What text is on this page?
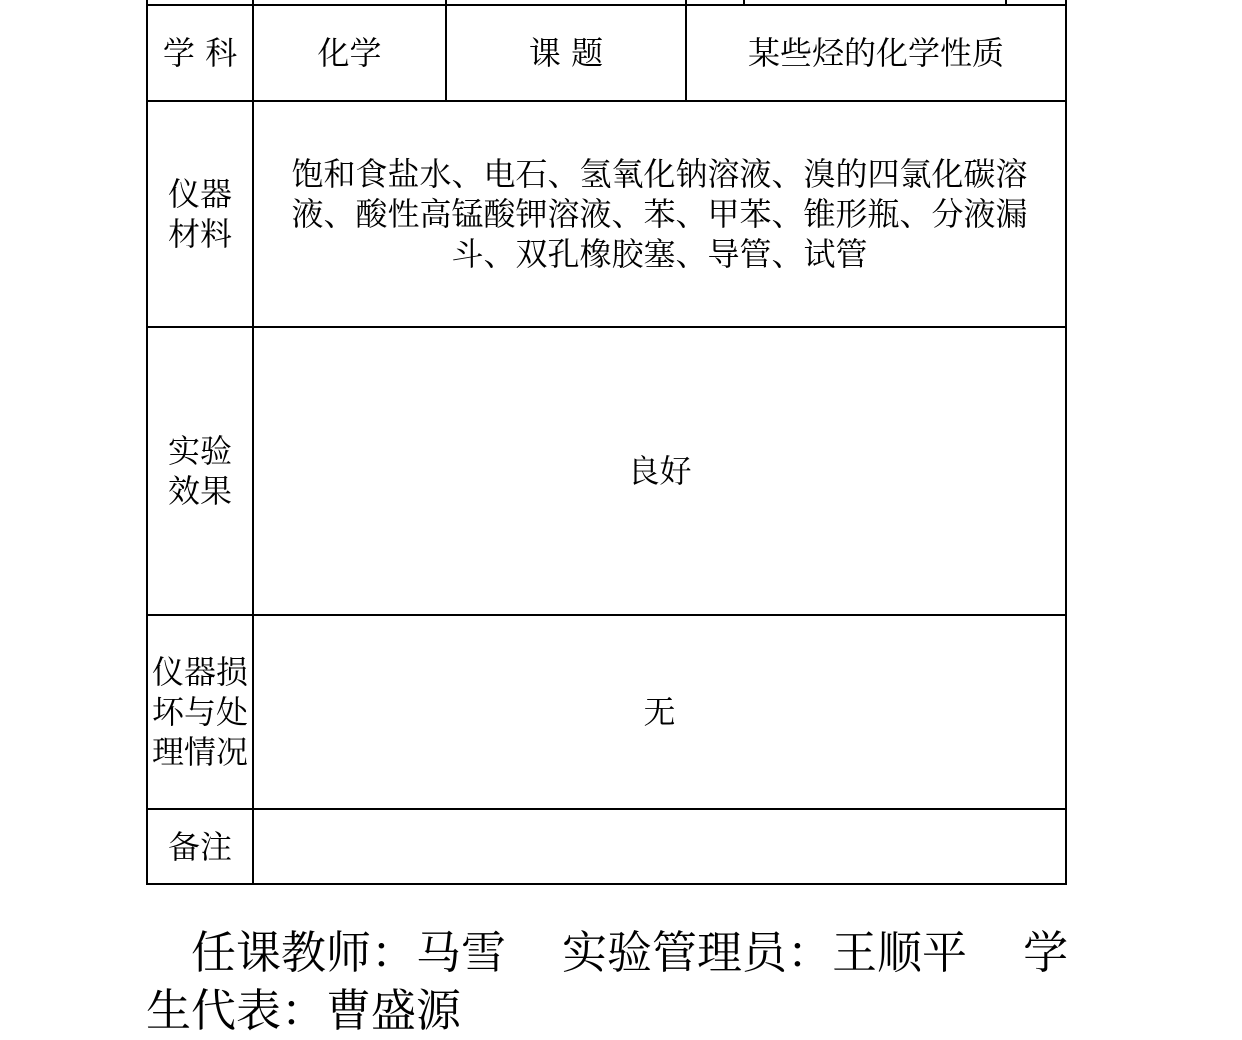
学 科	化学	课 题	某些烃的化学性质		

仪器
材料	饱和食盐水、电石、氢氧化钠溶液、溴的四氯化碳溶液、酸性高锰酸钾溶液、苯、甲苯、锥形瓶、分液漏斗、双孔橡胶塞、导管、试管				

实验
效果	良好				

仪器损
坏与处
理情况	无				
备注					
任课教师：马雪 实验管理员：王顺平 学生代表：曹盛源
